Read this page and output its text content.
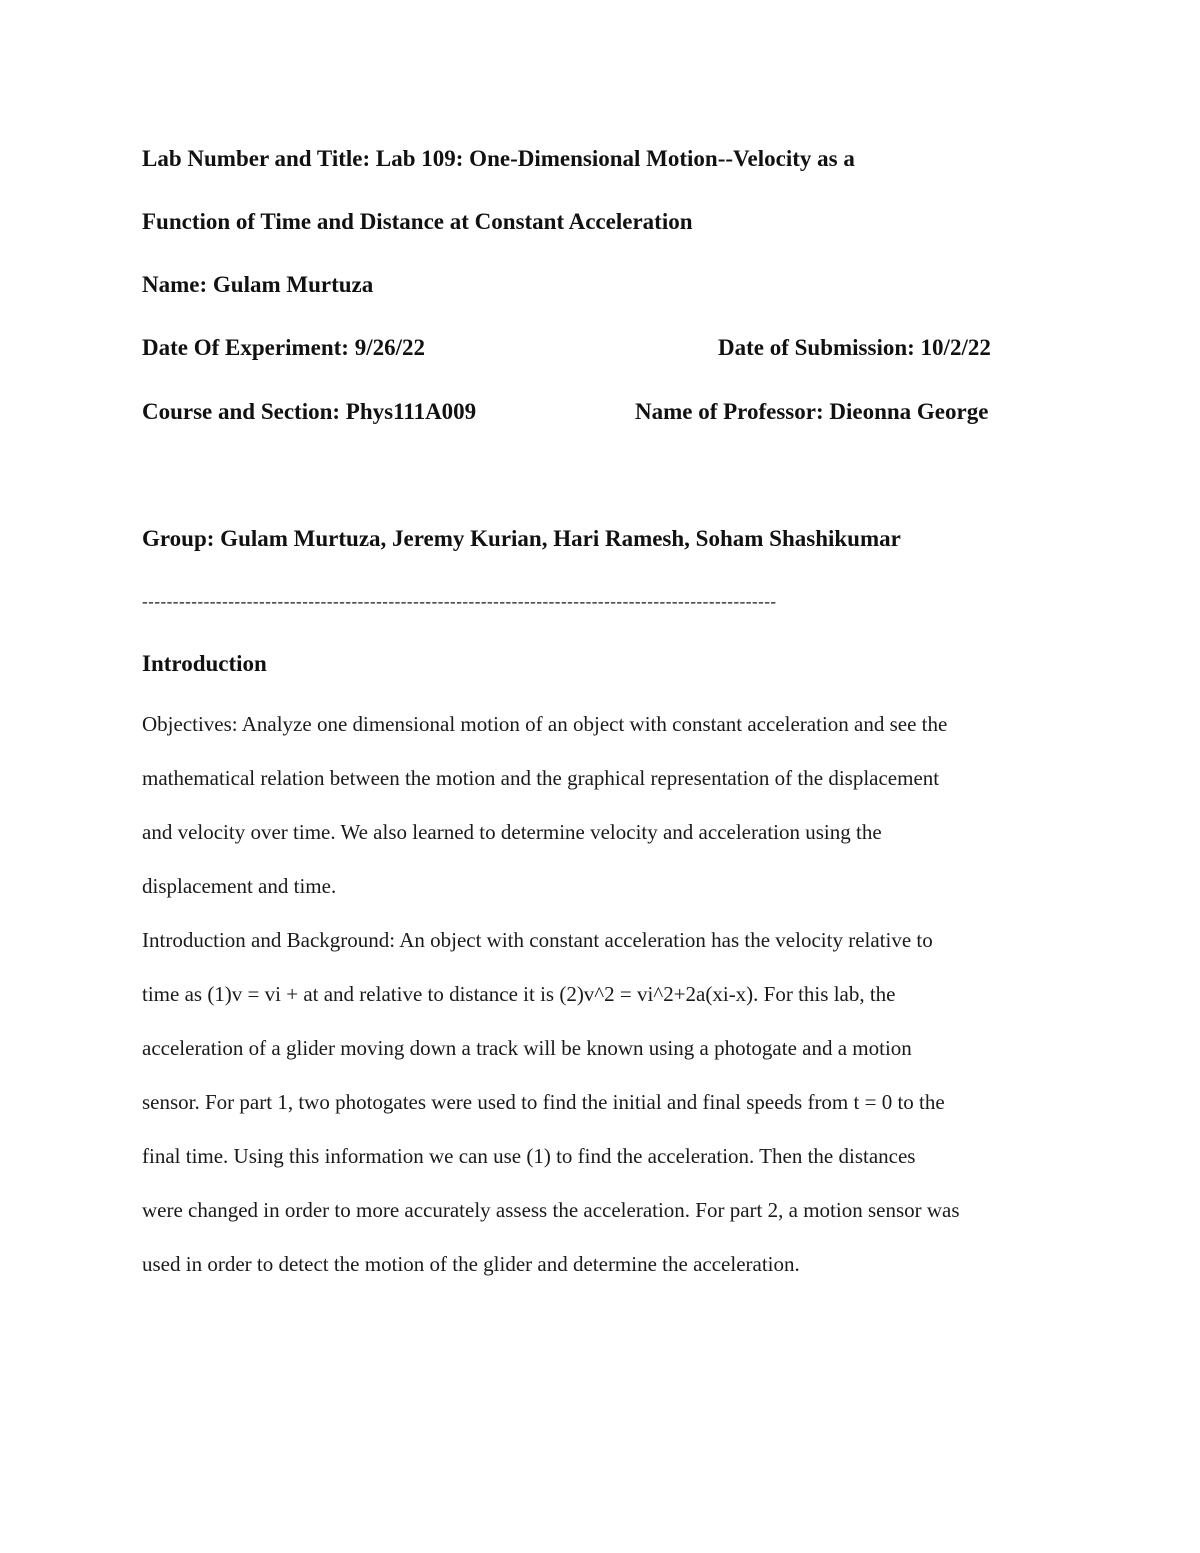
Lab Number and Title: Lab 109: One-Dimensional Motion--Velocity as a
Function of Time and Distance at Constant Acceleration
Name: Gulam Murtuza
Date Of Experiment: 9/26/22	Date of Submission: 10/2/22
Course and Section: Phys111A009	Name of Professor: Dieonna George
Group: Gulam Murtuza, Jeremy Kurian, Hari Ramesh, Soham Shashikumar
-------------------------------------------------------------------------------------------------------
Introduction
Objectives: Analyze one dimensional motion of an object with constant acceleration and see the
mathematical relation between the motion and the graphical representation of the displacement
and velocity over time. We also learned to determine velocity and acceleration using the
displacement and time.
Introduction and Background: An object with constant acceleration has the velocity relative to
time as (1)v = vi + at and relative to distance it is (2)v^2 = vi^2+2a(xi-x). For this lab, the
acceleration of a glider moving down a track will be known using a photogate and a motion
sensor. For part 1, two photogates were used to find the initial and final speeds from t = 0 to the
final time. Using this information we can use (1) to find the acceleration. Then the distances
were changed in order to more accurately assess the acceleration. For part 2, a motion sensor was
used in order to detect the motion of the glider and determine the acceleration.
